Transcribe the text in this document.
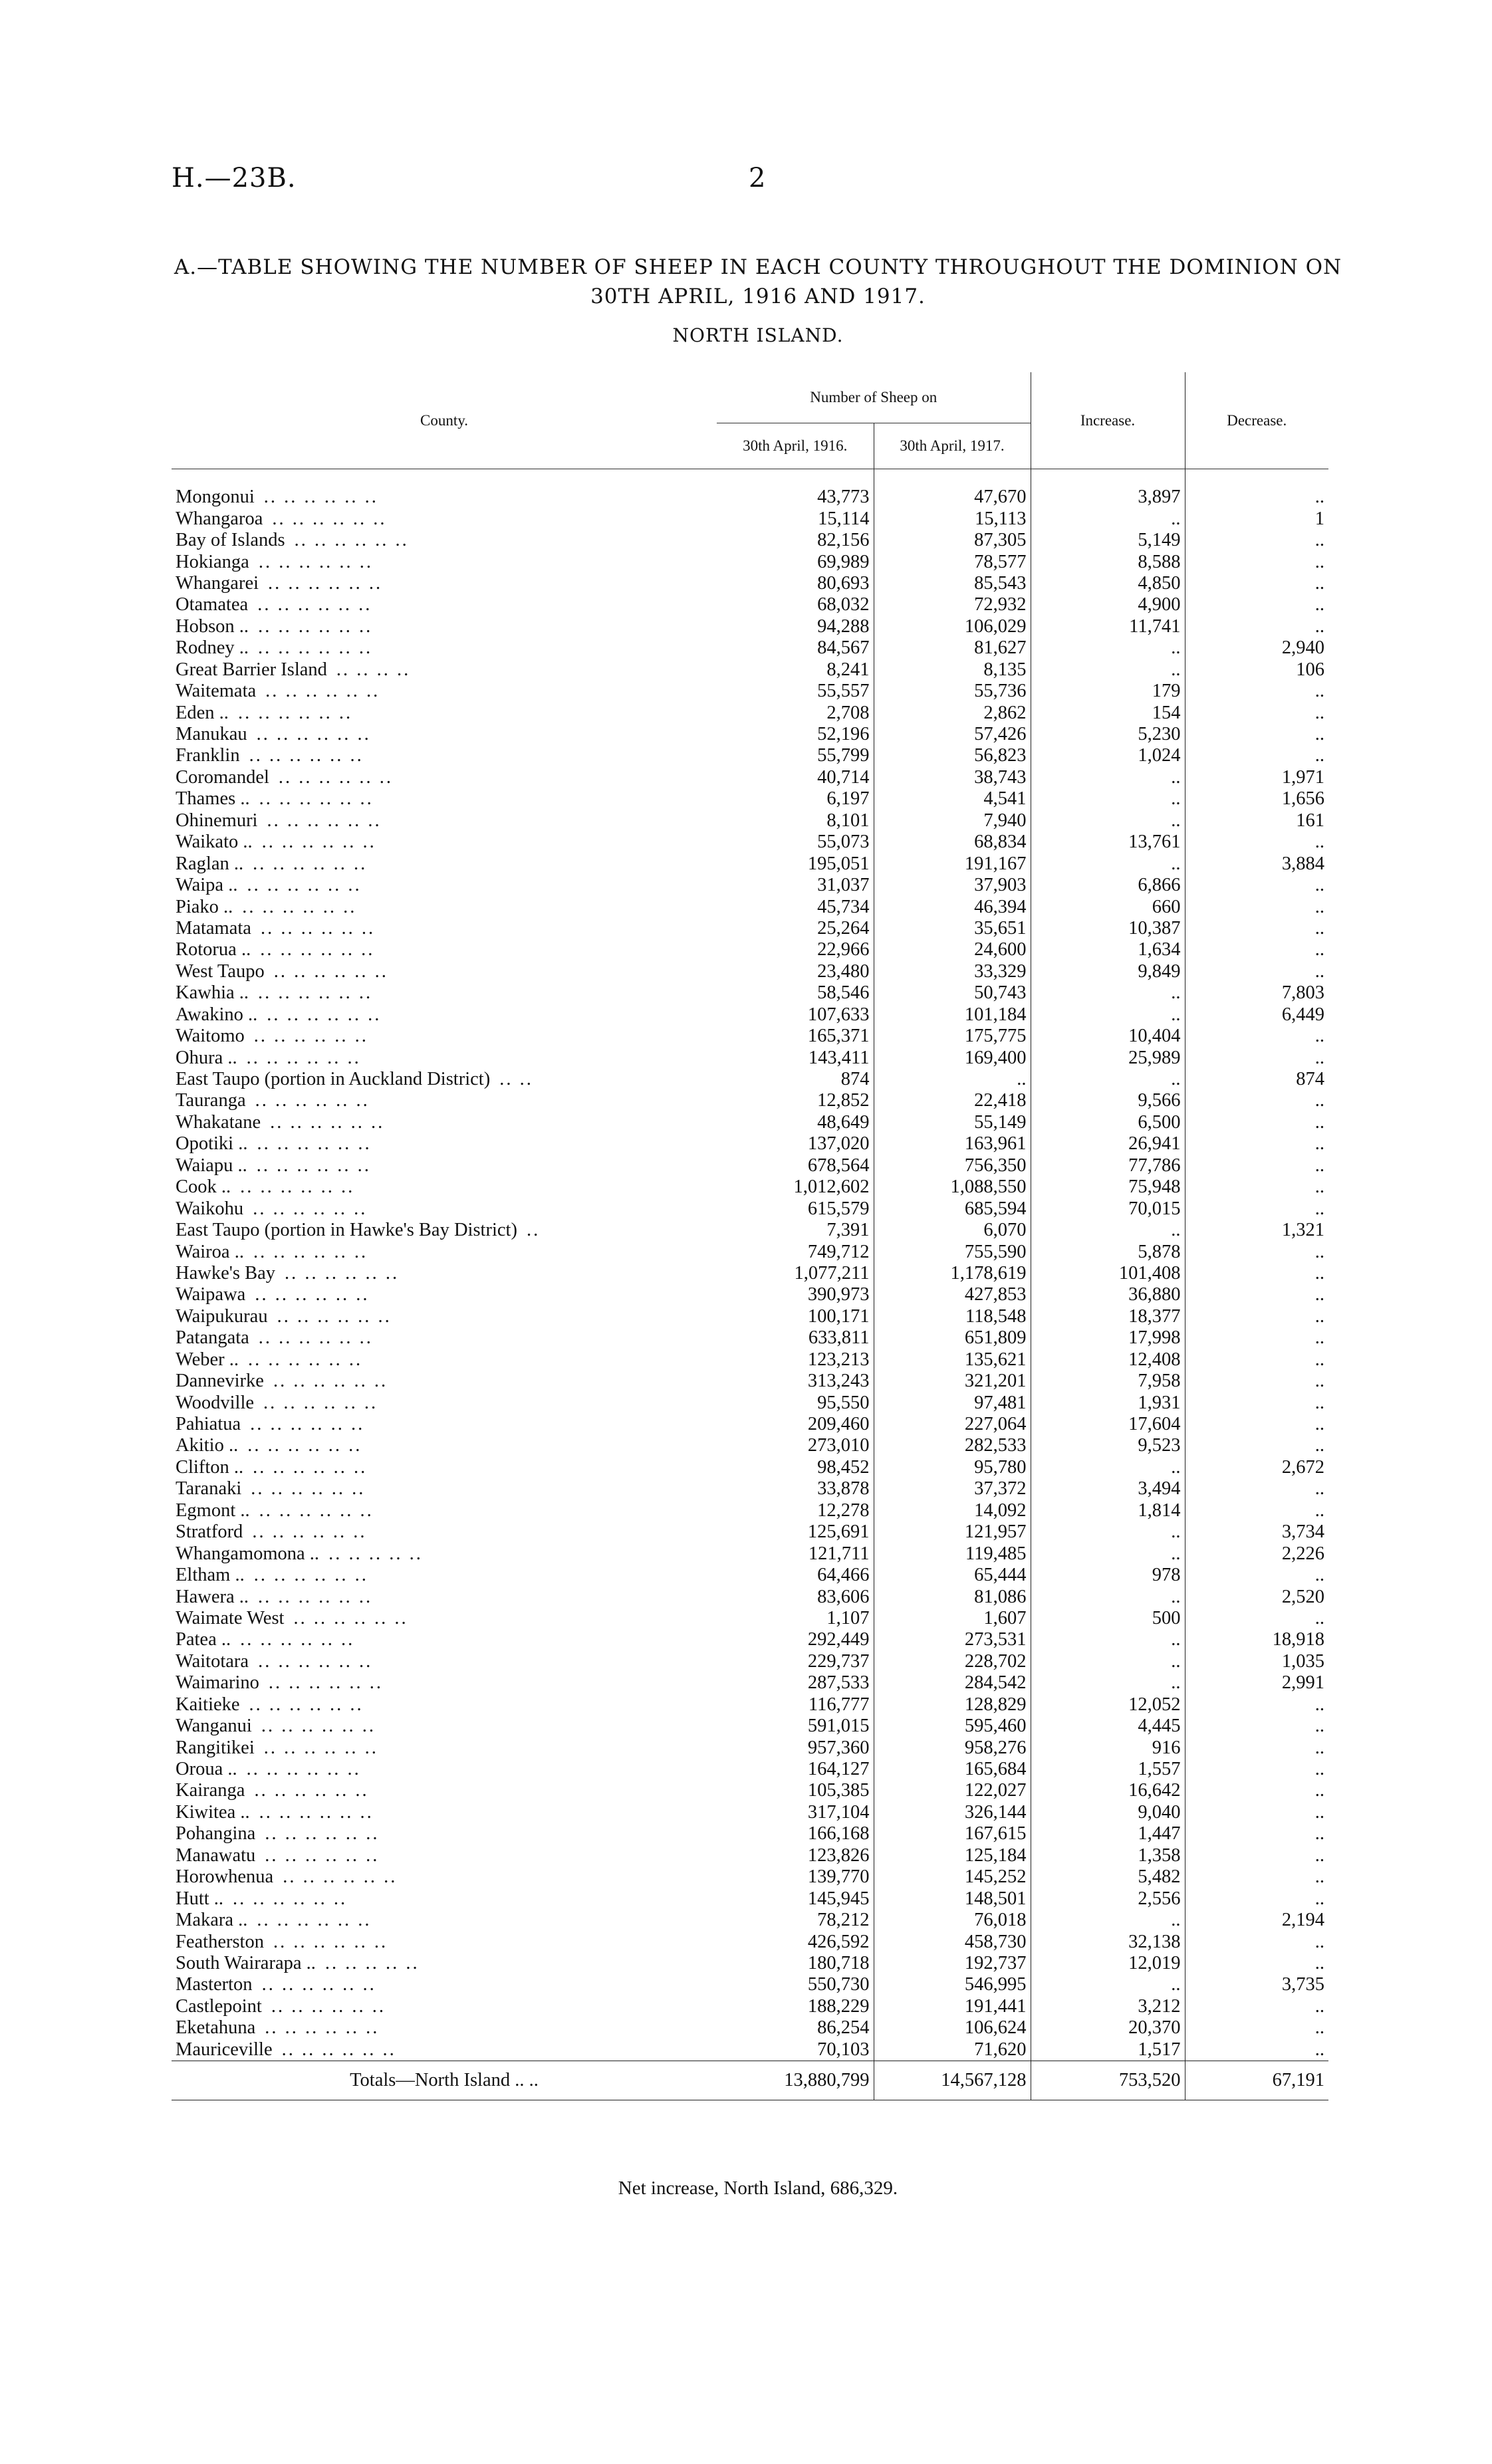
H.—23B.	2
A.—TABLE SHOWING THE NUMBER OF SHEEP IN EACH COUNTY THROUGHOUT THE DOMINION ON 30TH APRIL, 1916 AND 1917.
NORTH ISLAND.
County.	Number of Sheep on		Increase.	Decrease.
	30th April, 1916.	30th April, 1917.		

Mongonui .. .. .. .. .. ..	43,773	47,670	3,897	..
Whangaroa .. .. .. .. .. ..	15,114	15,113	..	1
Bay of Islands .. .. .. .. .. ..	82,156	87,305	5,149	..
Hokianga .. .. .. .. .. ..	69,989	78,577	8,588	..
Whangarei .. .. .. .. .. ..	80,693	85,543	4,850	..
Otamatea .. .. .. .. .. ..	68,032	72,932	4,900	..
Hobson .. .. .. .. .. .. ..	94,288	106,029	11,741	..
Rodney .. .. .. .. .. .. ..	84,567	81,627	..	2,940
Great Barrier Island .. .. .. ..	8,241	8,135	..	106
Waitemata .. .. .. .. .. ..	55,557	55,736	179	..
Eden .. .. .. .. .. .. ..	2,708	2,862	154	..
Manukau .. .. .. .. .. ..	52,196	57,426	5,230	..
Franklin .. .. .. .. .. ..	55,799	56,823	1,024	..
Coromandel .. .. .. .. .. ..	40,714	38,743	..	1,971
Thames .. .. .. .. .. .. ..	6,197	4,541	..	1,656
Ohinemuri .. .. .. .. .. ..	8,101	7,940	..	161
Waikato .. .. .. .. .. .. ..	55,073	68,834	13,761	..
Raglan .. .. .. .. .. .. ..	195,051	191,167	..	3,884
Waipa .. .. .. .. .. .. ..	31,037	37,903	6,866	..
Piako .. .. .. .. .. .. ..	45,734	46,394	660	..
Matamata .. .. .. .. .. ..	25,264	35,651	10,387	..
Rotorua .. .. .. .. .. .. ..	22,966	24,600	1,634	..
West Taupo .. .. .. .. .. ..	23,480	33,329	9,849	..
Kawhia .. .. .. .. .. .. ..	58,546	50,743	..	7,803
Awakino .. .. .. .. .. .. ..	107,633	101,184	..	6,449
Waitomo .. .. .. .. .. ..	165,371	175,775	10,404	..
Ohura .. .. .. .. .. .. ..	143,411	169,400	25,989	..
East Taupo (portion in Auckland District) .. ..	874	..	..	874
Tauranga .. .. .. .. .. ..	12,852	22,418	9,566	..
Whakatane .. .. .. .. .. ..	48,649	55,149	6,500	..
Opotiki .. .. .. .. .. .. ..	137,020	163,961	26,941	..
Waiapu .. .. .. .. .. .. ..	678,564	756,350	77,786	..
Cook .. .. .. .. .. .. ..	1,012,602	1,088,550	75,948	..
Waikohu .. .. .. .. .. ..	615,579	685,594	70,015	..
East Taupo (portion in Hawke's Bay District) ..	7,391	6,070	..	1,321
Wairoa .. .. .. .. .. .. ..	749,712	755,590	5,878	..
Hawke's Bay .. .. .. .. .. ..	1,077,211	1,178,619	101,408	..
Waipawa .. .. .. .. .. ..	390,973	427,853	36,880	..
Waipukurau .. .. .. .. .. ..	100,171	118,548	18,377	..
Patangata .. .. .. .. .. ..	633,811	651,809	17,998	..
Weber .. .. .. .. .. .. ..	123,213	135,621	12,408	..
Dannevirke .. .. .. .. .. ..	313,243	321,201	7,958	..
Woodville .. .. .. .. .. ..	95,550	97,481	1,931	..
Pahiatua .. .. .. .. .. ..	209,460	227,064	17,604	..
Akitio .. .. .. .. .. .. ..	273,010	282,533	9,523	..
Clifton .. .. .. .. .. .. ..	98,452	95,780	..	2,672
Taranaki .. .. .. .. .. ..	33,878	37,372	3,494	..
Egmont .. .. .. .. .. .. ..	12,278	14,092	1,814	..
Stratford .. .. .. .. .. ..	125,691	121,957	..	3,734
Whangamomona .. .. .. .. .. ..	121,711	119,485	..	2,226
Eltham .. .. .. .. .. .. ..	64,466	65,444	978	..
Hawera .. .. .. .. .. .. ..	83,606	81,086	..	2,520
Waimate West .. .. .. .. .. ..	1,107	1,607	500	..
Patea .. .. .. .. .. .. ..	292,449	273,531	..	18,918
Waitotara .. .. .. .. .. ..	229,737	228,702	..	1,035
Waimarino .. .. .. .. .. ..	287,533	284,542	..	2,991
Kaitieke .. .. .. .. .. ..	116,777	128,829	12,052	..
Wanganui .. .. .. .. .. ..	591,015	595,460	4,445	..
Rangitikei .. .. .. .. .. ..	957,360	958,276	916	..
Oroua .. .. .. .. .. .. ..	164,127	165,684	1,557	..
Kairanga .. .. .. .. .. ..	105,385	122,027	16,642	..
Kiwitea .. .. .. .. .. .. ..	317,104	326,144	9,040	..
Pohangina .. .. .. .. .. ..	166,168	167,615	1,447	..
Manawatu .. .. .. .. .. ..	123,826	125,184	1,358	..
Horowhenua .. .. .. .. .. ..	139,770	145,252	5,482	..
Hutt .. .. .. .. .. .. ..	145,945	148,501	2,556	..
Makara .. .. .. .. .. .. ..	78,212	76,018	..	2,194
Featherston .. .. .. .. .. ..	426,592	458,730	32,138	..
South Wairarapa .. .. .. .. .. ..	180,718	192,737	12,019	..
Masterton .. .. .. .. .. ..	550,730	546,995	..	3,735
Castlepoint .. .. .. .. .. ..	188,229	191,441	3,212	..
Eketahuna .. .. .. .. .. ..	86,254	106,624	20,370	..
Mauriceville .. .. .. .. .. ..	70,103	71,620	1,517	..
Totals—North Island .. ..	13,880,799	14,567,128	753,520	67,191
Net increase, North Island, 686,329.
